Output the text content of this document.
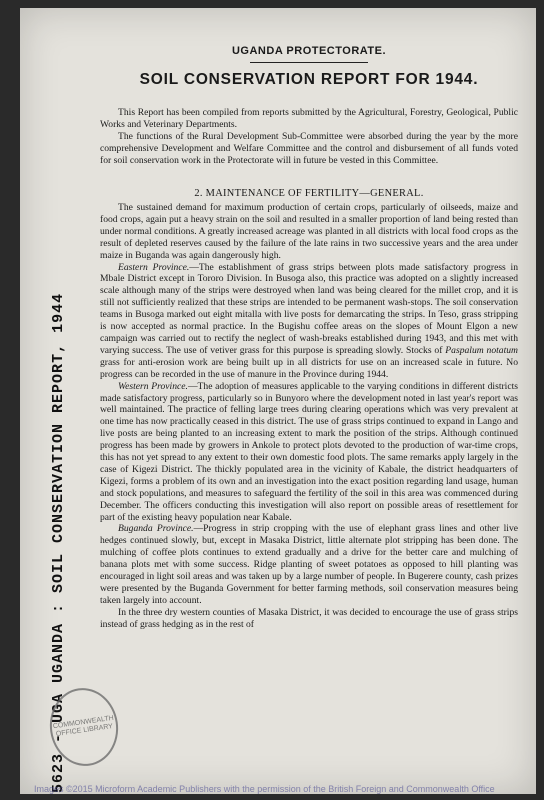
5623 - UGA UGANDA : SOIL CONSERVATION REPORT, 1944
COMMONWEALTH OFFICE LIBRARY
UGANDA PROTECTORATE.
SOIL CONSERVATION REPORT FOR 1944.

This Report has been compiled from reports submitted by the Agricultural, Forestry, Geological, Public Works and Veterinary Departments.

The functions of the Rural Development Sub-Committee were absorbed during the year by the more comprehensive Development and Welfare Committee and the control and disbursement of all funds voted for soil conservation work in the Protectorate will in future be vested in this Committee.

2. MAINTENANCE OF FERTILITY—GENERAL.

The sustained demand for maximum production of certain crops, particularly of oilseeds, maize and food crops, again put a heavy strain on the soil and resulted in a smaller proportion of land being rested than under normal conditions. A greatly increased acreage was planted in all districts with local food crops as the result of depleted reserves caused by the failure of the late rains in two successive years and the area under maize in Buganda was again dangerously high.

Eastern Province.—The establishment of grass strips between plots made satisfactory progress in Mbale District except in Tororo Division. In Busoga also, this practice was adopted on a slightly increased scale although many of the strips were destroyed when land was being cleared for the millet crop, and it is still not sufficiently realized that these strips are intended to be permanent wash-stops. The soil conservation teams in Busoga marked out eight mitalla with live posts for demarcating the strips. In Teso, grass stripping is now accepted as normal practice. In the Bugishu coffee areas on the slopes of Mount Elgon a new campaign was carried out to rectify the neglect of wash-breaks established during 1943, and this met with varying success. The use of vetiver grass for this purpose is spreading slowly. Stocks of Paspalum notatum grass for anti-erosion work are being built up in all districts for use on an increased scale in future. No progress can be recorded in the use of manure in the Province during 1944.

Western Province.—The adoption of measures applicable to the varying conditions in different districts made satisfactory progress, particularly so in Bunyoro where the development noted in last year's report was well maintained. The practice of felling large trees during clearing operations which was very prevalent at one time has now practically ceased in this district. The use of grass strips continued to expand in Lango and live posts are being planted to an increasing extent to mark the position of the strips. Although continued progress has been made by growers in Ankole to protect plots devoted to the production of war-time crops, this has not yet spread to any extent to their own domestic food plots. The same remarks apply largely in the case of Kigezi District. The thickly populated area in the vicinity of Kabale, the district headquarters of Kigezi, forms a problem of its own and an investigation into the exact position regarding land usage, human and stock populations, and measures to safeguard the fertility of the soil in this area was commenced during December. The officers conducting this investigation will also report on possible areas of resettlement for part of the existing heavy population near Kabale.

Buganda Province.—Progress in strip cropping with the use of elephant grass lines and other live hedges continued slowly, but, except in Masaka District, little alternate plot stripping has been done. The mulching of coffee plots continues to extend gradually and a drive for the better care and mulching of banana plots met with some success. Ridge planting of sweet potatoes as opposed to hill planting was encouraged in light soil areas and was taken up by a large number of people. In Bugerere county, cash prizes were presented by the Buganda Government for better farming methods, soil conservation measures being taken largely into account.

In the three dry western counties of Masaka District, it was decided to encourage the use of grass strips instead of grass hedging as in the rest of

Images ©2015 Microform Academic Publishers with the permission of the British Foreign and Commonwealth Office
